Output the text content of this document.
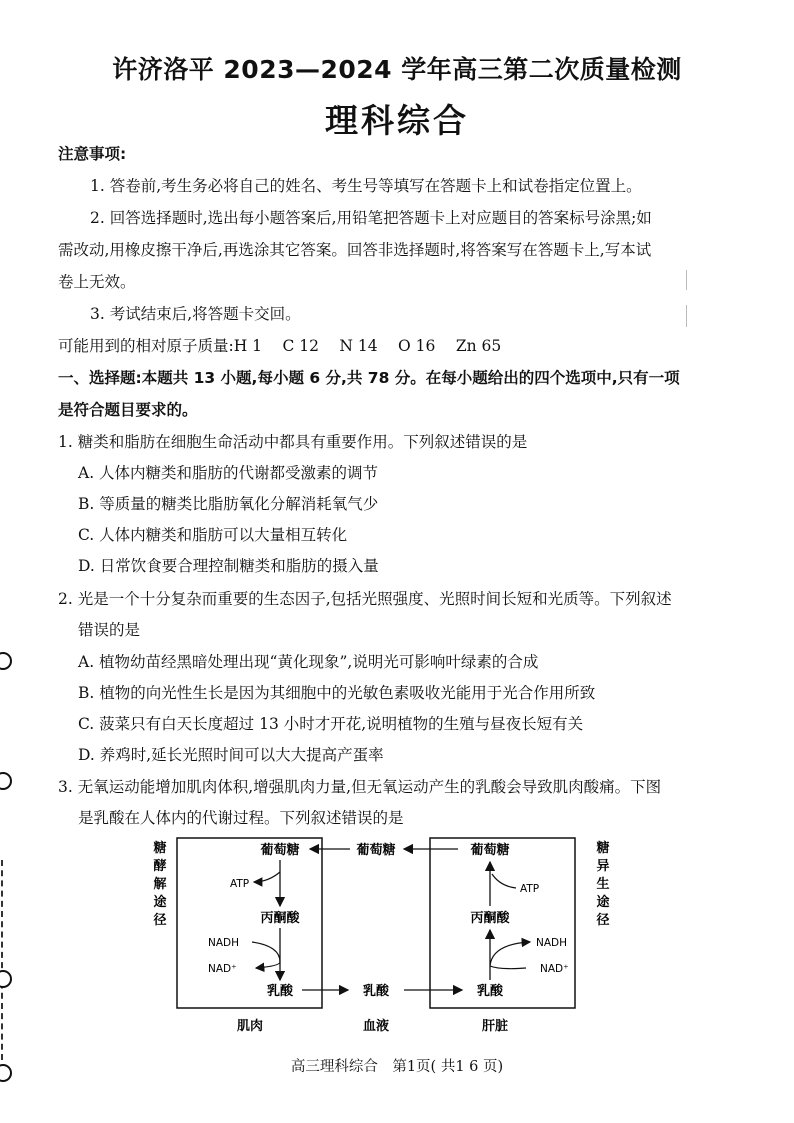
许济洛平 2023—2024 学年高三第二次质量检测
理科综合
注意事项:
1. 答卷前,考生务必将自己的姓名、考生号等填写在答题卡上和试卷指定位置上。
2. 回答选择题时,选出每小题答案后,用铅笔把答题卡上对应题目的答案标号涂黑;如
需改动,用橡皮擦干净后,再选涂其它答案。回答非选择题时,将答案写在答题卡上,写本试
卷上无效。
3. 考试结束后,将答题卡交回。
可能用到的相对原子质量:H 1　 C 12　 N 14　 O 16　 Zn 65
一、选择题:本题共 13 小题,每小题 6 分,共 78 分。在每小题给出的四个选项中,只有一项
是符合题目要求的。
1. 糖类和脂肪在细胞生命活动中都具有重要作用。下列叙述错误的是
A. 人体内糖类和脂肪的代谢都受激素的调节
B. 等质量的糖类比脂肪氧化分解消耗氧气少
C. 人体内糖类和脂肪可以大量相互转化
D. 日常饮食要合理控制糖类和脂肪的摄入量
2. 光是一个十分复杂而重要的生态因子,包括光照强度、光照时间长短和光质等。下列叙述
错误的是
A. 植物幼苗经黑暗处理出现“黄化现象”,说明光可影响叶绿素的合成
B. 植物的向光性生长是因为其细胞中的光敏色素吸收光能用于光合作用所致
C. 菠菜只有白天长度超过 13 小时才开花,说明植物的生殖与昼夜长短有关
D. 养鸡时,延长光照时间可以大大提高产蛋率
3. 无氧运动能增加肌肉体积,增强肌肉力量,但无氧运动产生的乳酸会导致肌肉酸痛。下图
是乳酸在人体内的代谢过程。下列叙述错误的是
糖
酵
解
途
径
糖
异
生
途
径
葡萄糖
丙酮酸
乳酸
ATP
NADH
NAD⁺
肌肉
葡萄糖
乳酸
血液
葡萄糖
丙酮酸
乳酸
ATP
NADH
NAD⁺
肝脏
高三理科综合　第1页( 共1 6 页)
